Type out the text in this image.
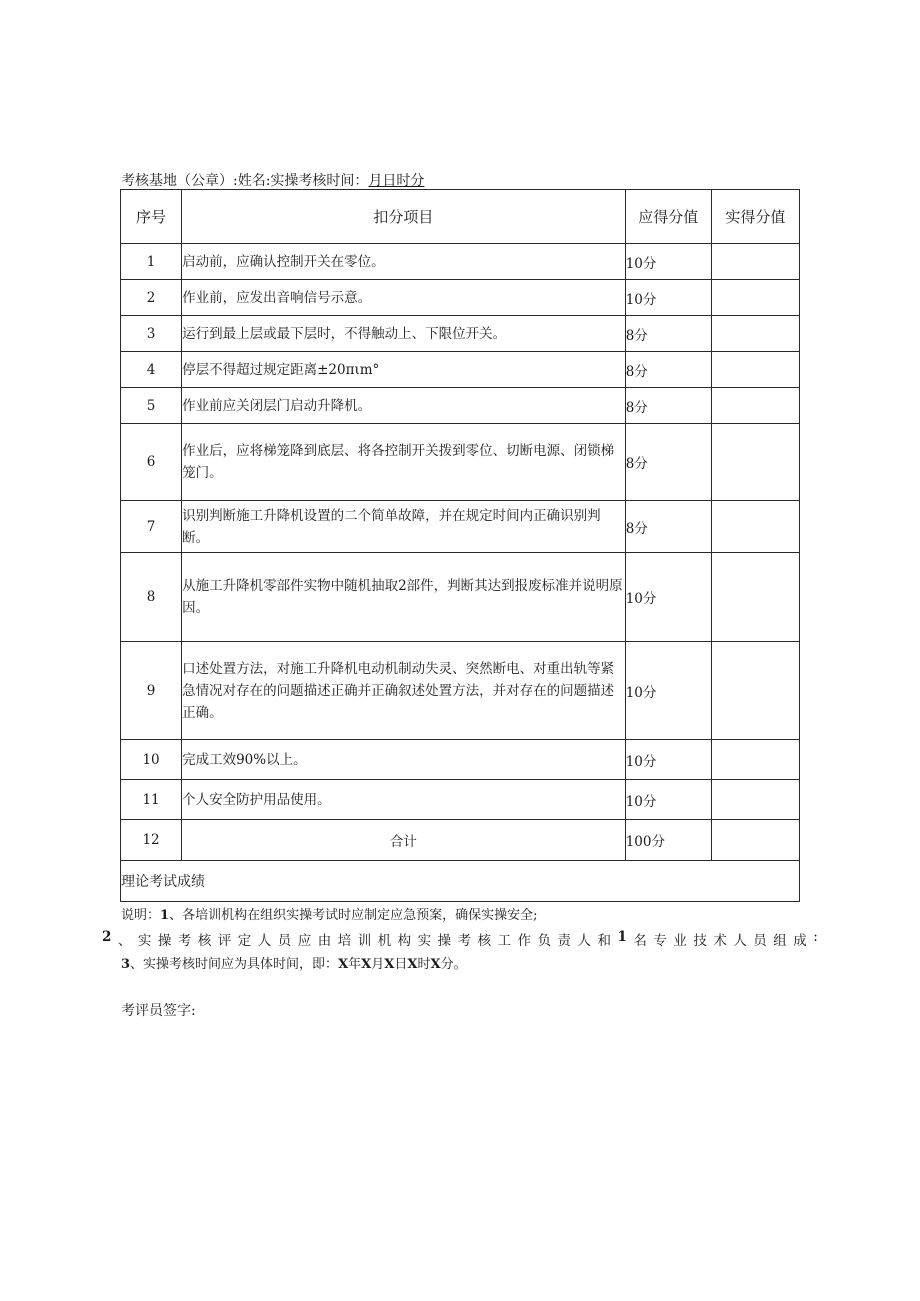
考核基地（公章）:姓名:实操考核时间：月日时分
序号	扣分项目	应得分值	实得分值
1	启动前，应确认控制开关在零位。	10分	
2	作业前，应发出音响信号示意。	10分	
3	运行到最上层或最下层时，不得触动上、下限位开关。	8分	
4	停层不得超过规定距离±20πιm°	8分	
5	作业前应关闭层门启动升降机。	8分	
6	作业后，应将梯笼降到底层、将各控制开关拨到零位、切断电源、闭锁梯笼门。	8分	
7	识别判断施工升降机设置的二个简单故障，并在规定时间内正确识别判断。	8分	
8	从施工升降机零部件实物中随机抽取2部件，判断其达到报废标准并说明原因。	10分	
9	口述处置方法，对施工升降机电动机制动失灵、突然断电、对重出轨等紧急情况对存在的问题描述正确并正确叙述处置方法，并对存在的问题描述正确。	10分	
10	完成工效90%以上。	10分	
11	个人安全防护用品使用。	10分	
12	合计	100分	
理论考试成绩			
说明：1、各培训机构在组织实操考试时应制定应急预案，确保实操安全;
2 、 实 操 考 核 评 定 人 员 应 由 培 训 机 构 实 操 考 核 工 作 负 责 人 和 1 名 专 业 技 术 人 员 组 成 :
3、实操考核时间应为具体时间，即：X年X月X日X时X分。
考评员签字:
